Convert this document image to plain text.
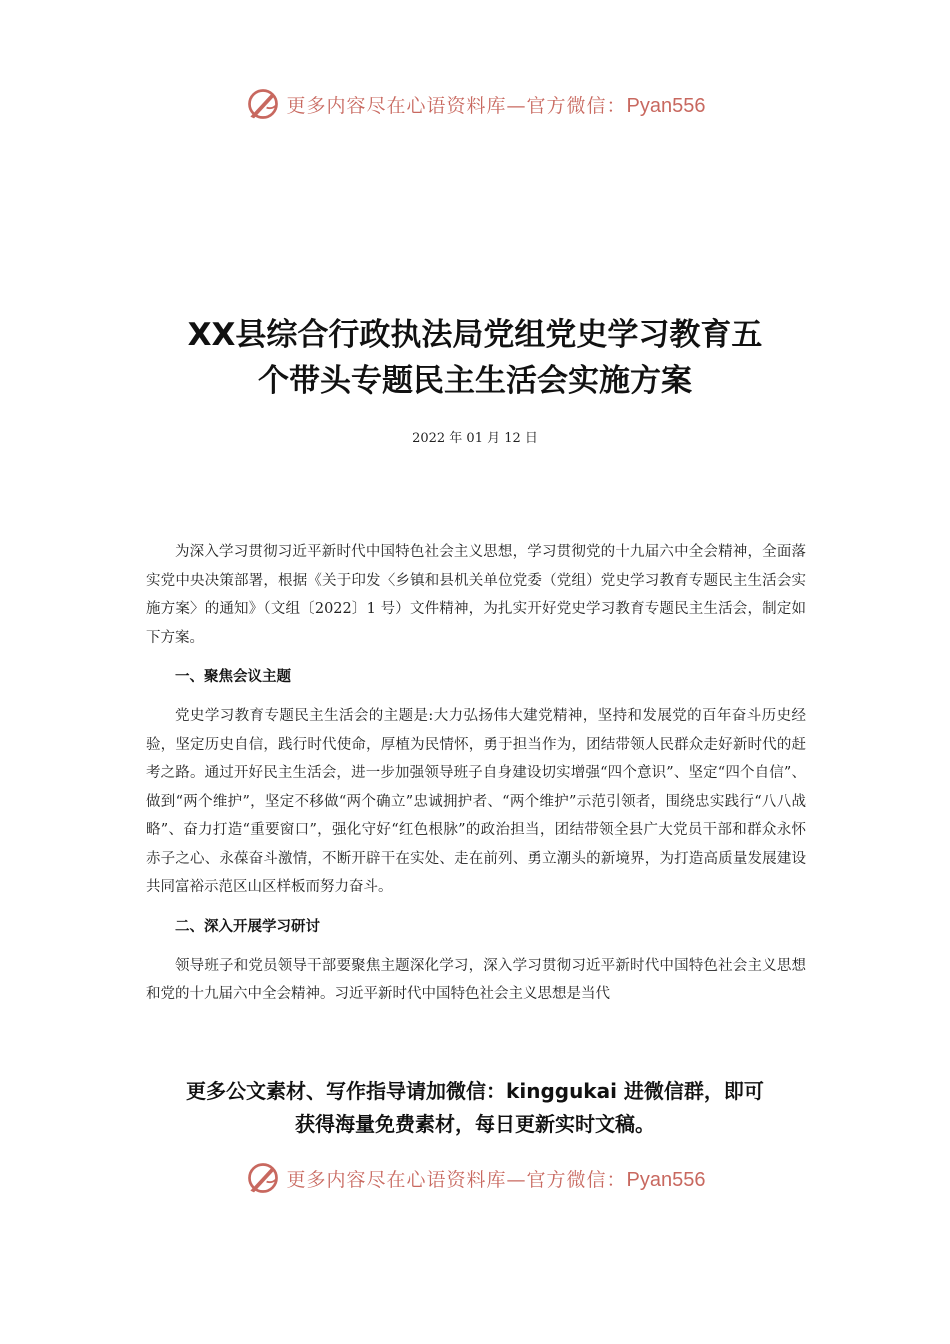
更多内容尽在心语资料库—官方微信：Pyan556
XX县综合行政执法局党组党史学习教育五
个带头专题民主生活会实施方案
2022 年 01 月 12 日

为深入学习贯彻习近平新时代中国特色社会主义思想，学习贯彻党的十九届六中全会精神，全面落实党中央决策部署，根据《关于印发〈乡镇和县机关单位党委（党组）党史学习教育专题民主生活会实施方案〉的通知》（文组〔2022〕1 号）文件精神，为扎实开好党史学习教育专题民主生活会，制定如下方案。

一、聚焦会议主题

党史学习教育专题民主生活会的主题是:大力弘扬伟大建党精神，坚持和发展党的百年奋斗历史经验，坚定历史自信，践行时代使命，厚植为民情怀，勇于担当作为，团结带领人民群众走好新时代的赶考之路。通过开好民主生活会，进一步加强领导班子自身建设切实增强“四个意识”、坚定“四个自信”、做到“两个维护”，坚定不移做“两个确立”忠诚拥护者、“两个维护”示范引领者，围绕忠实践行“八八战略”、奋力打造“重要窗口”，强化守好“红色根脉”的政治担当，团结带领全县广大党员干部和群众永怀赤子之心、永葆奋斗激情，不断开辟干在实处、走在前列、勇立潮头的新境界，为打造高质量发展建设共同富裕示范区山区样板而努力奋斗。

二、深入开展学习研讨

领导班子和党员领导干部要聚焦主题深化学习，深入学习贯彻习近平新时代中国特色社会主义思想和党的十九届六中全会精神。习近平新时代中国特色社会主义思想是当代

更多公文素材、写作指导请加微信：kinggukai 进微信群，即可
获得海量免费素材，每日更新实时文稿。
更多内容尽在心语资料库—官方微信：Pyan556
